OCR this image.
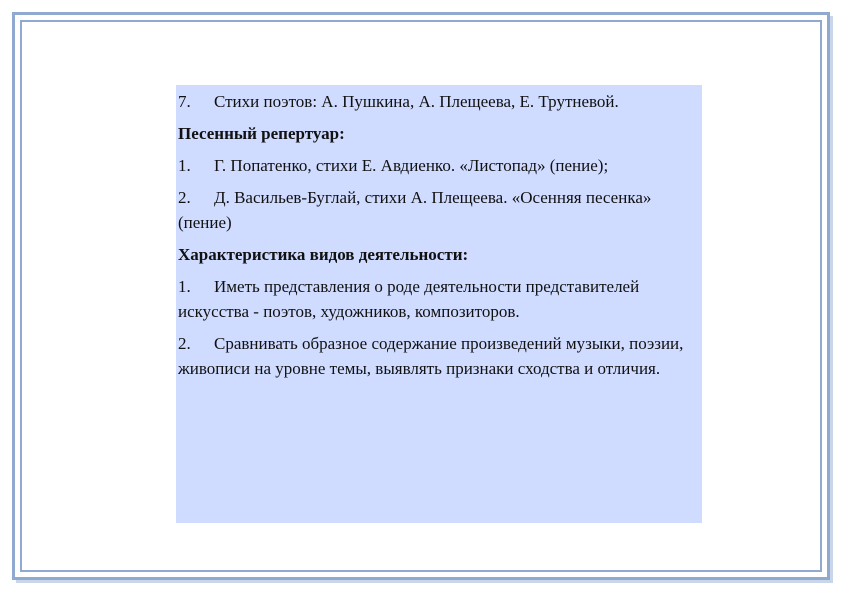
7. Стихи поэтов: А. Пушкина, А. Плещеева, Е. Трутневой.

Песенный репертуар:

1. Г. Попатенко, стихи Е. Авдиенко. «Листопад» (пение);

2. Д. Васильев-Буглай, стихи А. Плещеева. «Осенняя песенка» (пение)

Характеристика видов деятельности:

1. Иметь представления о роде деятельности представителей искусства - поэтов, художников, композиторов.

2. Сравнивать образное содержание произведений музыки, поэзии, живописи на уровне темы, выявлять признаки сходства и отличия.
